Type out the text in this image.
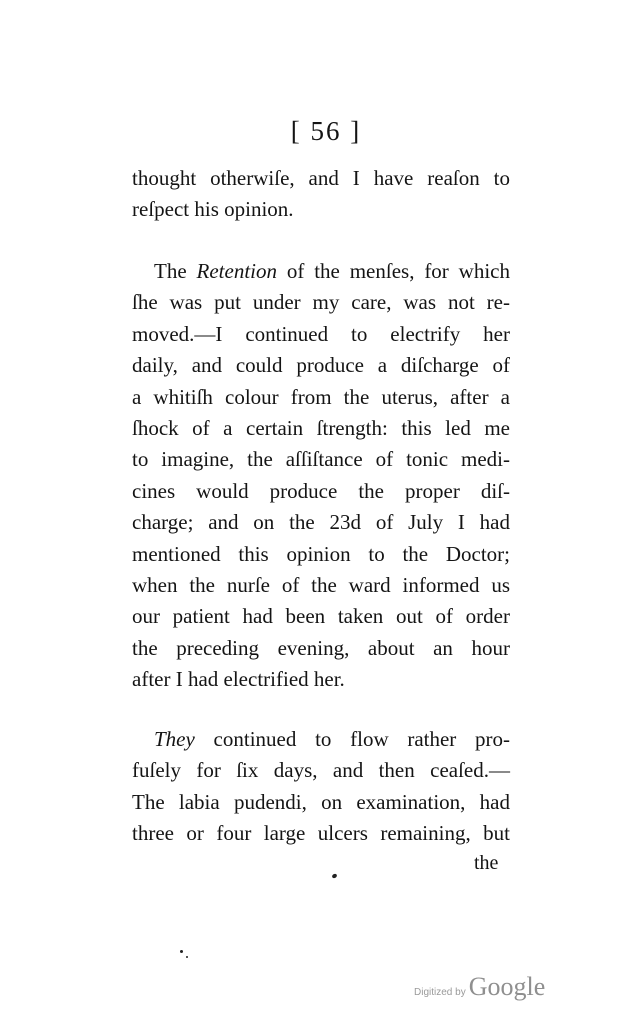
[ 56 ]
thought otherwiſe, and I have reaſon to
reſpect his opinion.
The Retention of the menſes, for which
ſhe was put under my care, was not re-
moved.—I continued to electrify her
daily, and could produce a diſcharge of
a whitiſh colour from the uterus, after a
ſhock of a certain ſtrength: this led me
to imagine, the aſſiſtance of tonic medi-
cines would produce the proper diſ-
charge; and on the 23d of July I had
mentioned this opinion to the Doctor;
when the nurſe of the ward informed us
our patient had been taken out of order
the preceding evening, about an hour
after I had electrified her.
They continued to flow rather pro-
fuſely for ſix days, and then ceaſed.—
The labia pudendi, on examination, had
three or four large ulcers remaining, but
the
Digitized by Google
